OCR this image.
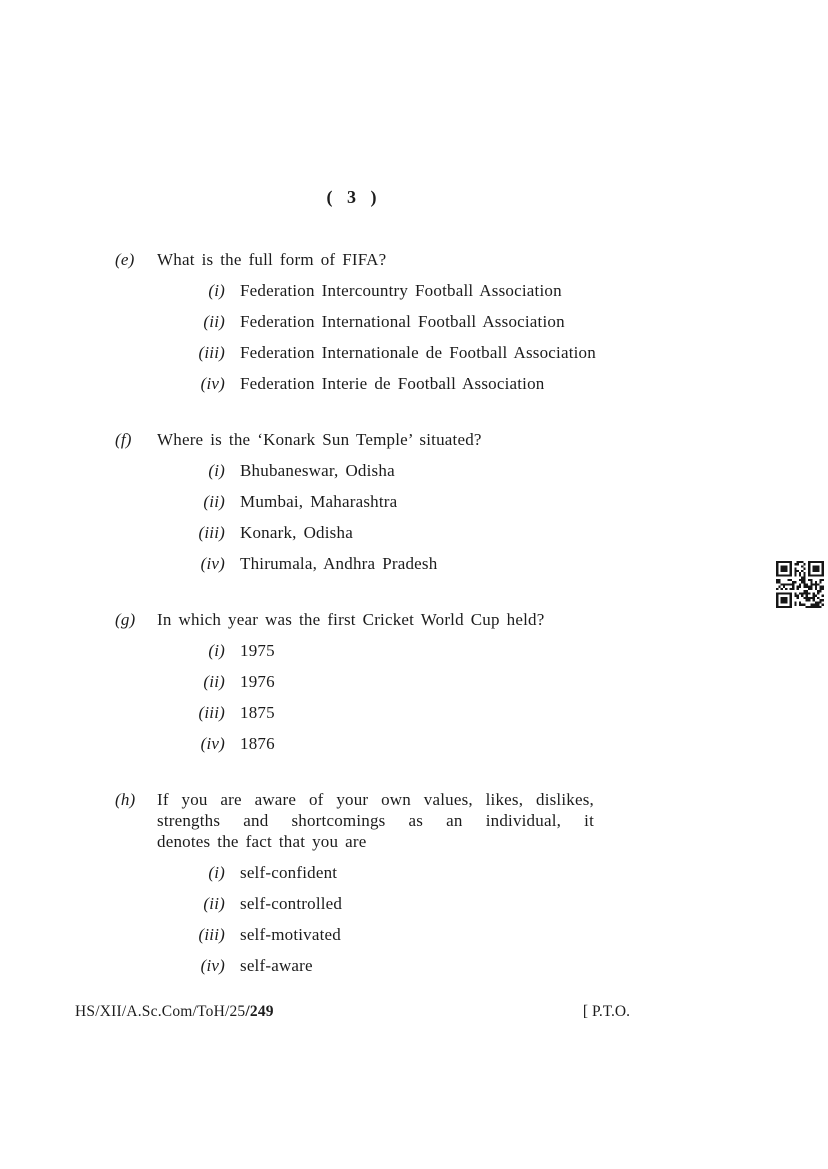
( 3 )
(e)	What is the full form of FIFA?
(i) Federation Intercountry Football Association
(ii) Federation International Football Association
(iii) Federation Internationale de Football Association
(iv) Federation Interie de Football Association
(f)	Where is the ‘Konark Sun Temple’ situated?
(i) Bhubaneswar, Odisha
(ii) Mumbai, Maharashtra
(iii) Konark, Odisha
(iv) Thirumala, Andhra Pradesh
(g)	In which year was the first Cricket World Cup held?
(i) 1975
(ii) 1976
(iii) 1875
(iv) 1876
(h)	If you are aware of your own values, likes, dislikes,
strengths and shortcomings as an individual, it
denotes the fact that you are
(i) self-confident
(ii) self-controlled
(iii) self-motivated
(iv) self-aware
HS/XII/A.Sc.Com/ToH/25/249	[ P.T.O.
